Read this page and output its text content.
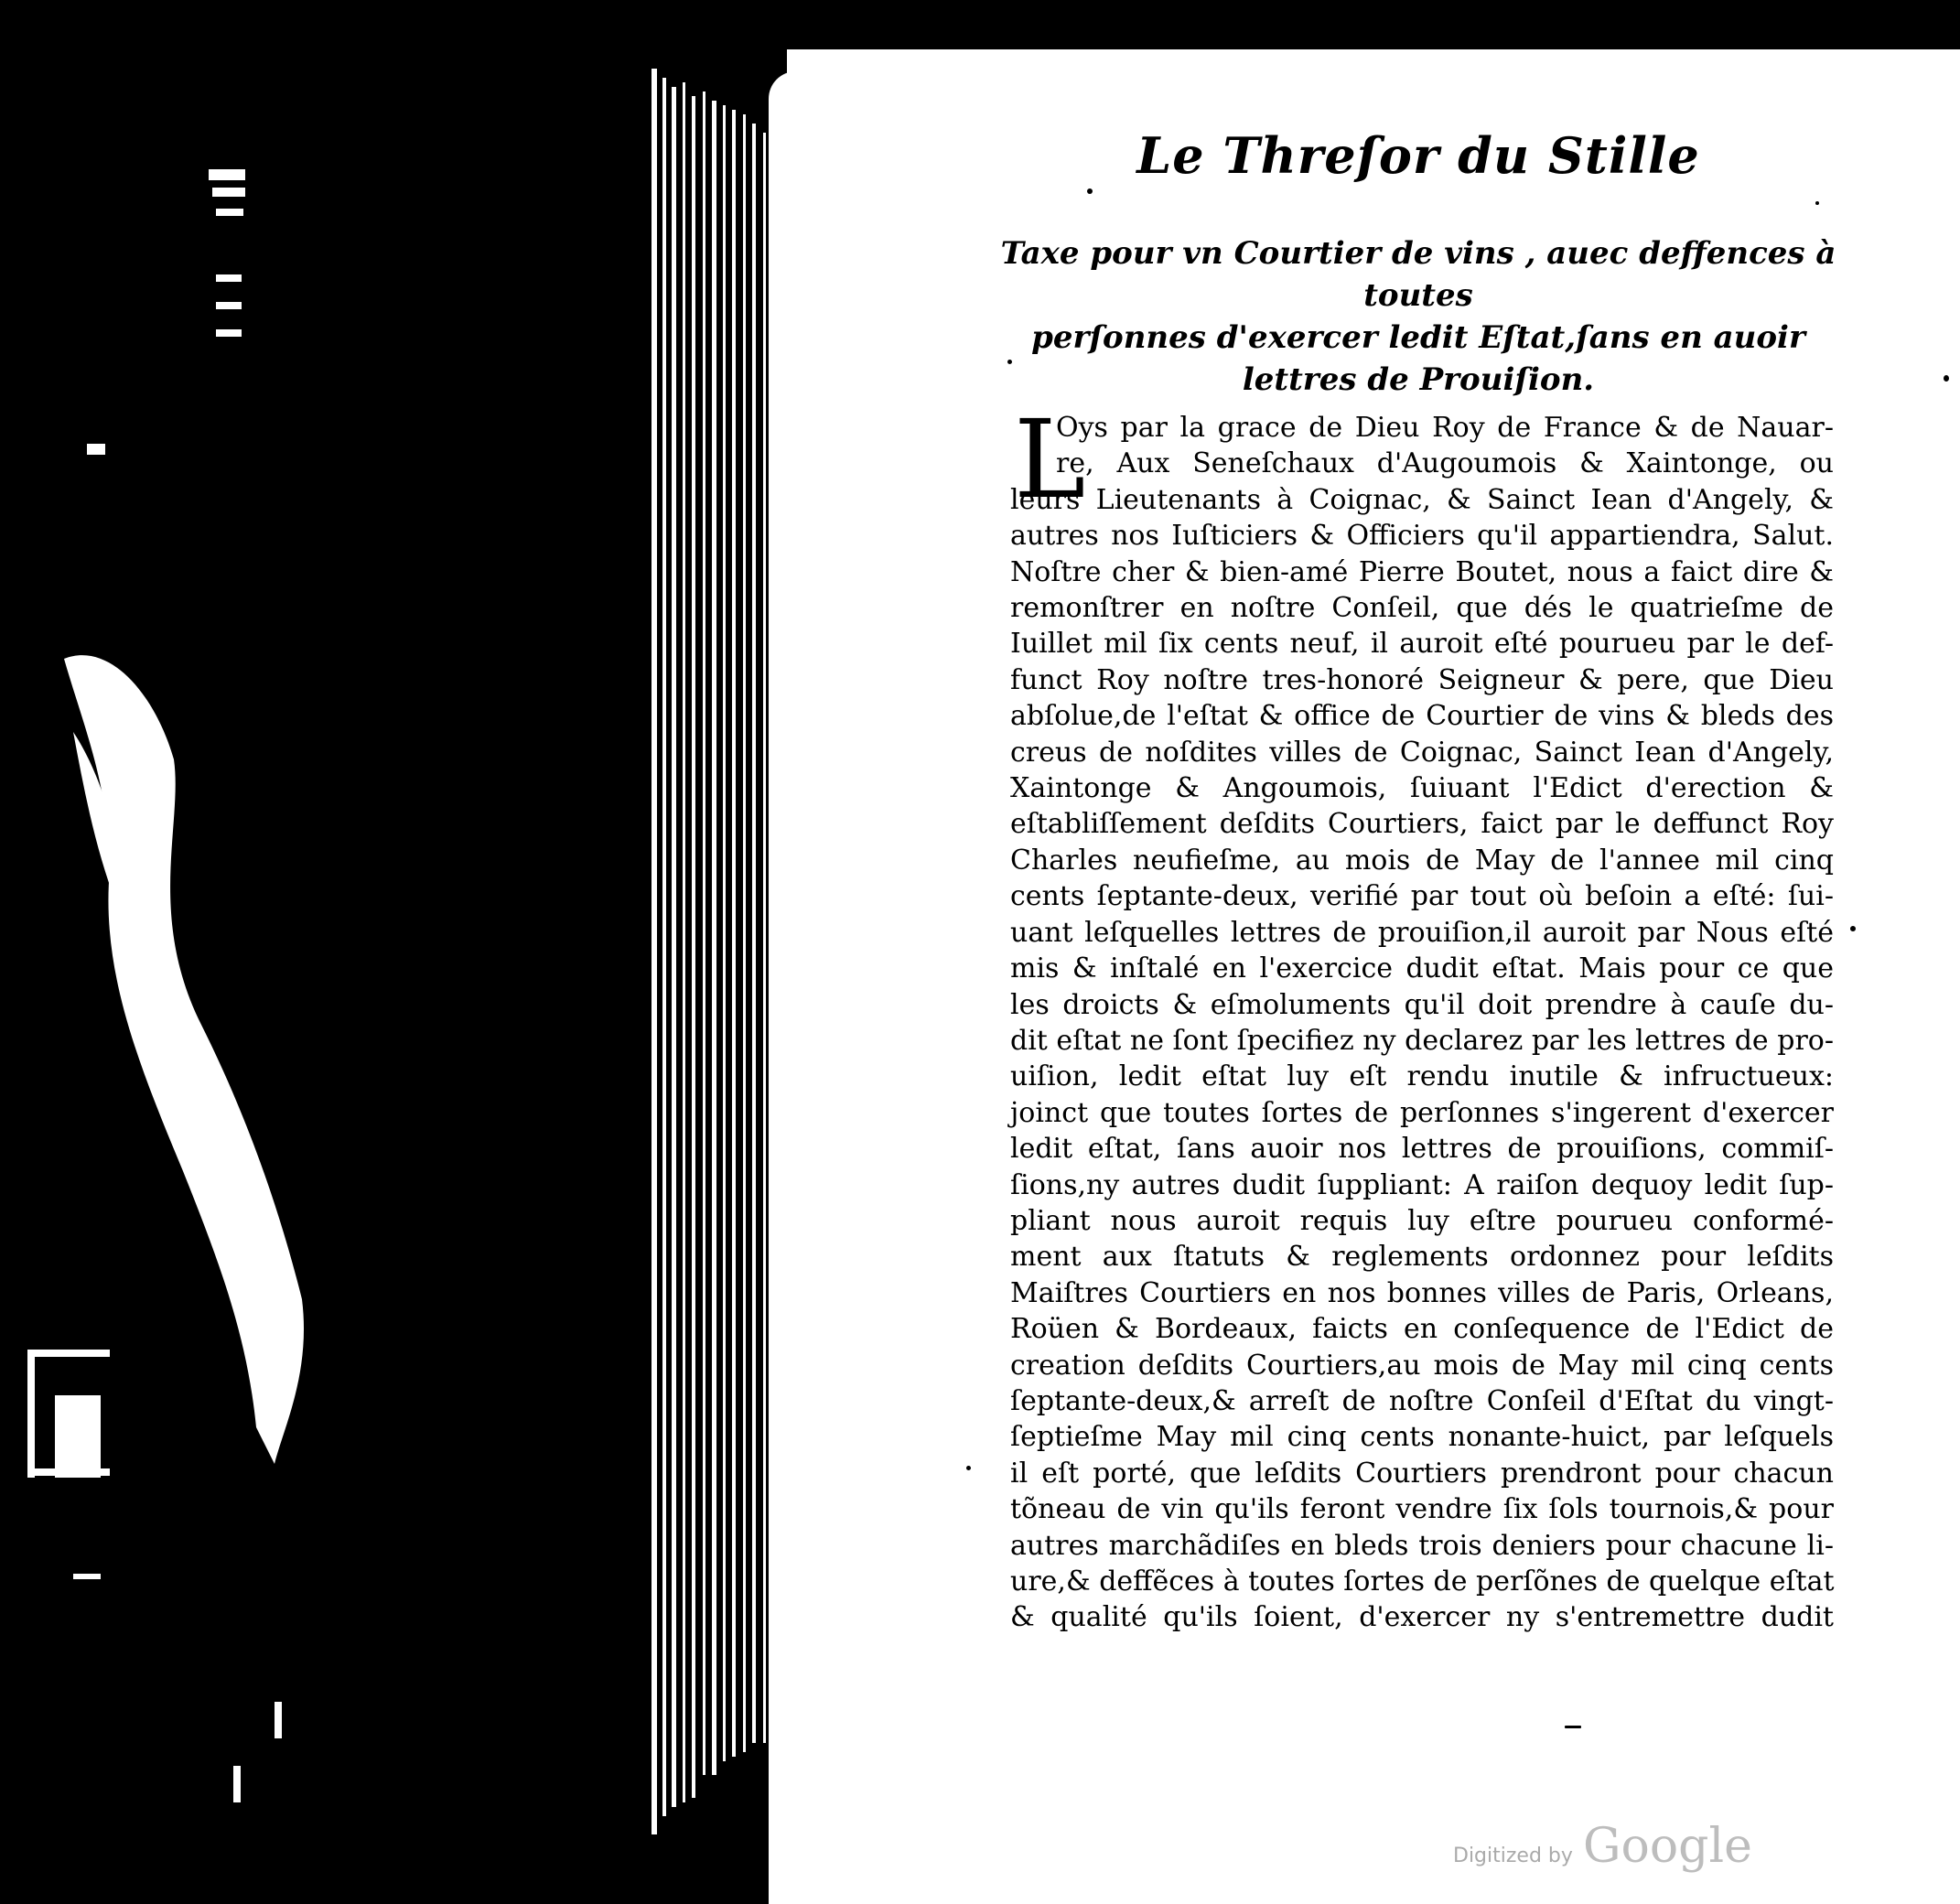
Le Threſor du Stille
Taxe pour vn Courtier de vins , auec deffences à toutes
perſonnes d'exercer ledit Eſtat,ſans en auoir
lettres de Prouiſion.
L
Oys par la grace de Dieu Roy de France & de Nauar-
re, Aux Seneſchaux d'Augoumois & Xaintonge, ou
leurs Lieutenants à Coignac, & Sainct Iean d'Angely, &
autres nos Iuſticiers & Officiers qu'il appartiendra, Salut.
Noſtre cher & bien-amé Pierre Boutet, nous a faict dire &
remonſtrer en noſtre Conſeil, que dés le quatrieſme de
Iuillet mil ſix cents neuf, il auroit eſté pourueu par le def-
funct Roy noſtre tres-honoré Seigneur & pere, que Dieu
abſolue,de l'eſtat & office de Courtier de vins & bleds des
creus de noſdites villes de Coignac, Sainct Iean d'Angely,
Xaintonge & Angoumois, ſuiuant l'Edict d'erection &
eſtabliſſement deſdits Courtiers, faict par le deffunct Roy
Charles neufieſme, au mois de May de l'annee mil cinq
cents ſeptante-deux, verifié par tout où beſoin a eſté: ſui-
uant leſquelles lettres de prouiſion,il auroit par Nous eſté
mis & inſtalé en l'exercice dudit eſtat. Mais pour ce que
les droicts & eſmoluments qu'il doit prendre à cauſe du-
dit eſtat ne ſont ſpecifiez ny declarez par les lettres de pro-
uiſion, ledit eſtat luy eſt rendu inutile & infructueux:
joinct que toutes ſortes de perſonnes s'ingerent d'exercer
ledit eſtat, ſans auoir nos lettres de prouiſions, commiſ-
ſions,ny autres dudit ſuppliant: A raiſon dequoy ledit ſup-
pliant nous auroit requis luy eſtre pourueu conformé-
ment aux ſtatuts & reglements ordonnez pour leſdits
Maiſtres Courtiers en nos bonnes villes de Paris, Orleans,
Roüen & Bordeaux, faicts en conſequence de l'Edict de
creation deſdits Courtiers,au mois de May mil cinq cents
ſeptante-deux,& arreſt de noſtre Conſeil d'Eſtat du vingt-
ſeptieſme May mil cinq cents nonante-huict, par leſquels
il eſt porté, que leſdits Courtiers prendront pour chacun
tõneau de vin qu'ils feront vendre ſix ſols tournois,& pour
autres marchãdiſes en bleds trois deniers pour chacune li-
ure,& deffẽces à toutes ſortes de perſõnes de quelque eſtat
& qualité qu'ils ſoient, d'exercer ny s'entremettre dudit
Digitized by Google
